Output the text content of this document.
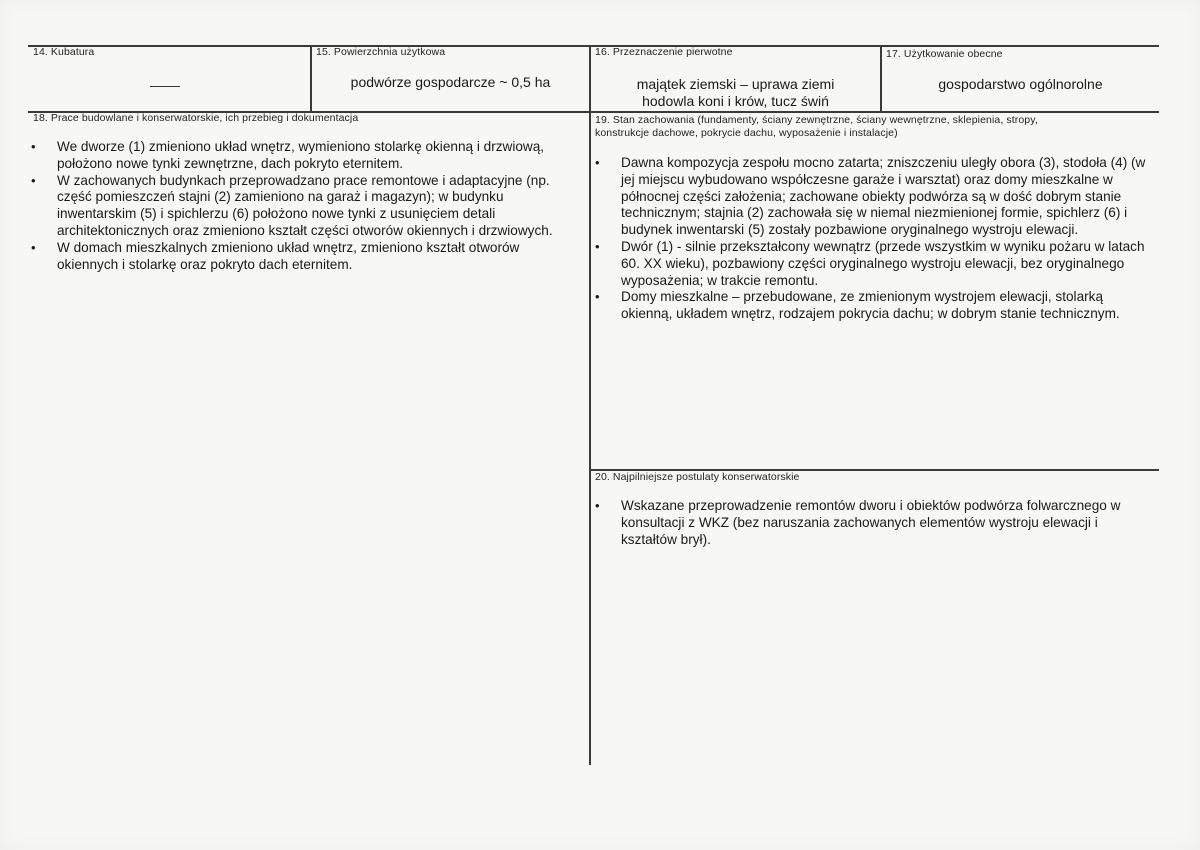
14. Kubatura	15. Powierzchnia użytkowa
podwórze gospodarcze ~ 0,5 ha
16. Przeznaczenie pierwotne
majątek ziemski – uprawa ziemi
hodowla koni i krów, tucz świń
17. Użytkowanie obecne
gospodarstwo ogólnorolne
18. Prace budowlane i konserwatorskie, ich przebieg i dokumentacja
• We dworze (1) zmieniono układ wnętrz, wymieniono stolarkę okienną i drzwiową, położono nowe tynki zewnętrzne, dach pokryto eternitem.
• W zachowanych budynkach przeprowadzano prace remontowe i adaptacyjne (np. część pomieszczeń stajni (2) zamieniono na garaż i magazyn); w budynku inwentarskim (5) i spichlerzu (6) położono nowe tynki z usunięciem detali architektonicznych oraz zmieniono kształt części otworów okiennych i drzwiowych.
• W domach mieszkalnych zmieniono układ wnętrz, zmieniono kształt otworów okiennych i stolarkę oraz pokryto dach eternitem.
19. Stan zachowania (fundamenty, ściany zewnętrzne, ściany wewnętrzne, sklepienia, stropy,
konstrukcje dachowe, pokrycie dachu, wyposażenie i instalacje)
• Dawna kompozycja zespołu mocno zatarta; zniszczeniu uległy obora (3), stodoła (4) (w jej miejscu wybudowano współczesne garaże i warsztat) oraz domy mieszkalne w północnej części założenia; zachowane obiekty podwórza są w dość dobrym stanie technicznym; stajnia (2) zachowała się w niemal niezmienionej formie, spichlerz (6) i budynek inwentarski (5) zostały pozbawione oryginalnego wystroju elewacji.
• Dwór (1) - silnie przekształcony wewnątrz (przede wszystkim w wyniku pożaru w latach 60. XX wieku), pozbawiony części oryginalnego wystroju elewacji, bez oryginalnego wyposażenia; w trakcie remontu.
• Domy mieszkalne – przebudowane, ze zmienionym wystrojem elewacji, stolarką okienną, układem wnętrz, rodzajem pokrycia dachu; w dobrym stanie technicznym.
20. Najpilniejsze postulaty konserwatorskie
• Wskazane przeprowadzenie remontów dworu i obiektów podwórza folwarcznego w konsultacji z WKZ (bez naruszania zachowanych elementów wystroju elewacji i kształtów brył).
